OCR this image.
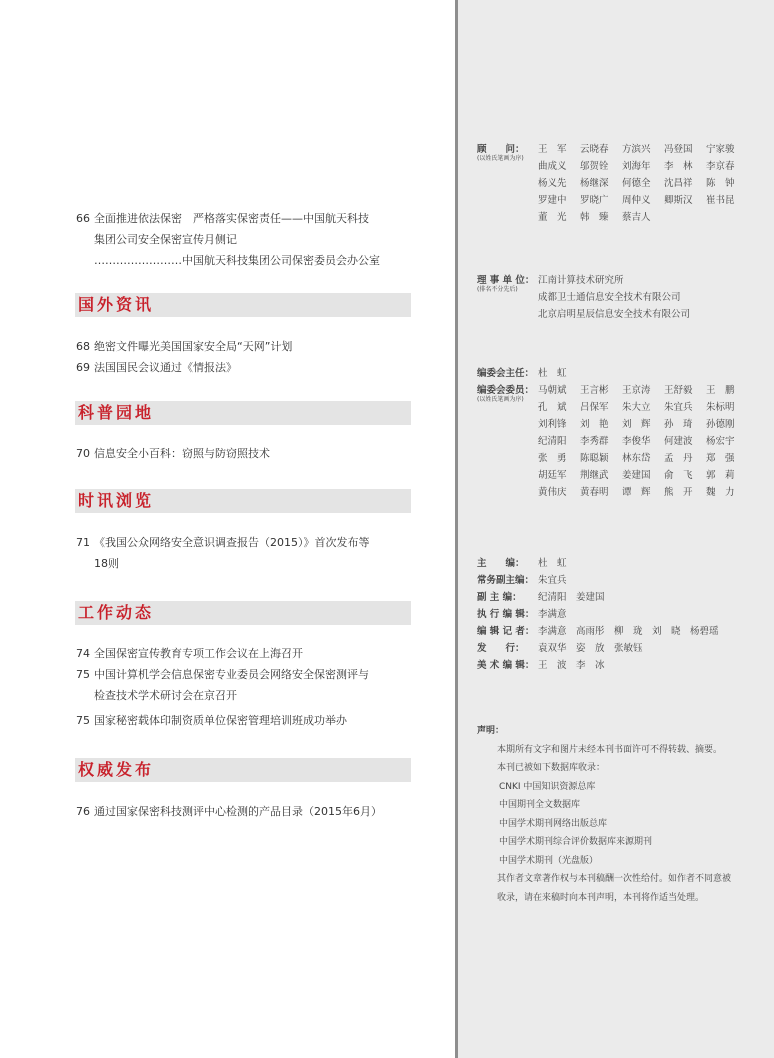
66 全面推进依法保密　严格落实保密责任——中国航天科技
集团公司安全保密宣传月侧记
……………………中国航天科技集团公司保密委员会办公室
国外资讯
68 绝密文件曝光美国国家安全局“天网”计划
69 法国国民会议通过《情报法》
科普园地
70 信息安全小百科：窃照与防窃照技术
时讯浏览
71 《我国公众网络安全意识调查报告（2015）》首次发布等
18则
工作动态
74 全国保密宣传教育专项工作会议在上海召开
75 中国计算机学会信息保密专业委员会网络安全保密测评与
检查技术学术研讨会在京召开
75 国家秘密载体印制资质单位保密管理培训班成功举办
权威发布
76 通过国家保密科技测评中心检测的产品目录（2015年6月）
顾　　问：
(以姓氏笔画为序)
王　军	云晓春	方滨兴	冯登国	宁家骏
曲成义	邬贺铨	刘海年	李　林	李京春
杨义先	杨继深	何德全	沈昌祥	陈　钟
罗建中	罗晓广	周仲义	卿斯汉	崔书昆
董　光	韩　臻	蔡吉人
理 事 单 位：
(排名不分先后)
江南计算技术研究所
成都卫士通信息安全技术有限公司
北京启明星辰信息安全技术有限公司
编委会主任： 杜　虹
编委会委员：
(以姓氏笔画为序)
马朝斌	王言彬	王京涛	王舒毅	王　鹏
孔　斌	吕保军	朱大立	朱宜兵	朱标明
刘利锋	刘　艳	刘　辉	孙　琦	孙德刚
纪清阳	李秀群	李俊华	何建波	杨宏宇
张　勇	陈聪颖	林东岱	孟　丹	郑　强
胡廷军	荆继武	姜建国	俞　飞	郭　莉
黄伟庆	黄春明	谭　辉	熊　开	魏　力
主　　编：	杜　虹
常务副主编： 朱宜兵
副 主 编：	纪清阳　姜建国
执 行 编 辑： 李满意
编 辑 记 者： 李满意　高雨彤　柳　珑　刘　晓　杨碧瑶
发　　行：	袁双华　姿　放　张敏钰
美 术 编 辑： 王　波　李　冰

声明：

本期所有文字和图片未经本刊书面许可不得转载、摘要。

本刊已被如下数据库收录：

CNKI 中国知识资源总库

中国期刊全文数据库

中国学术期刊网络出版总库

中国学术期刊综合评价数据库来源期刊

中国学术期刊（光盘版）

其作者文章著作权与本刊稿酬一次性给付。如作者不同意被收录，请在来稿时向本刊声明，本刊将作适当处理。
